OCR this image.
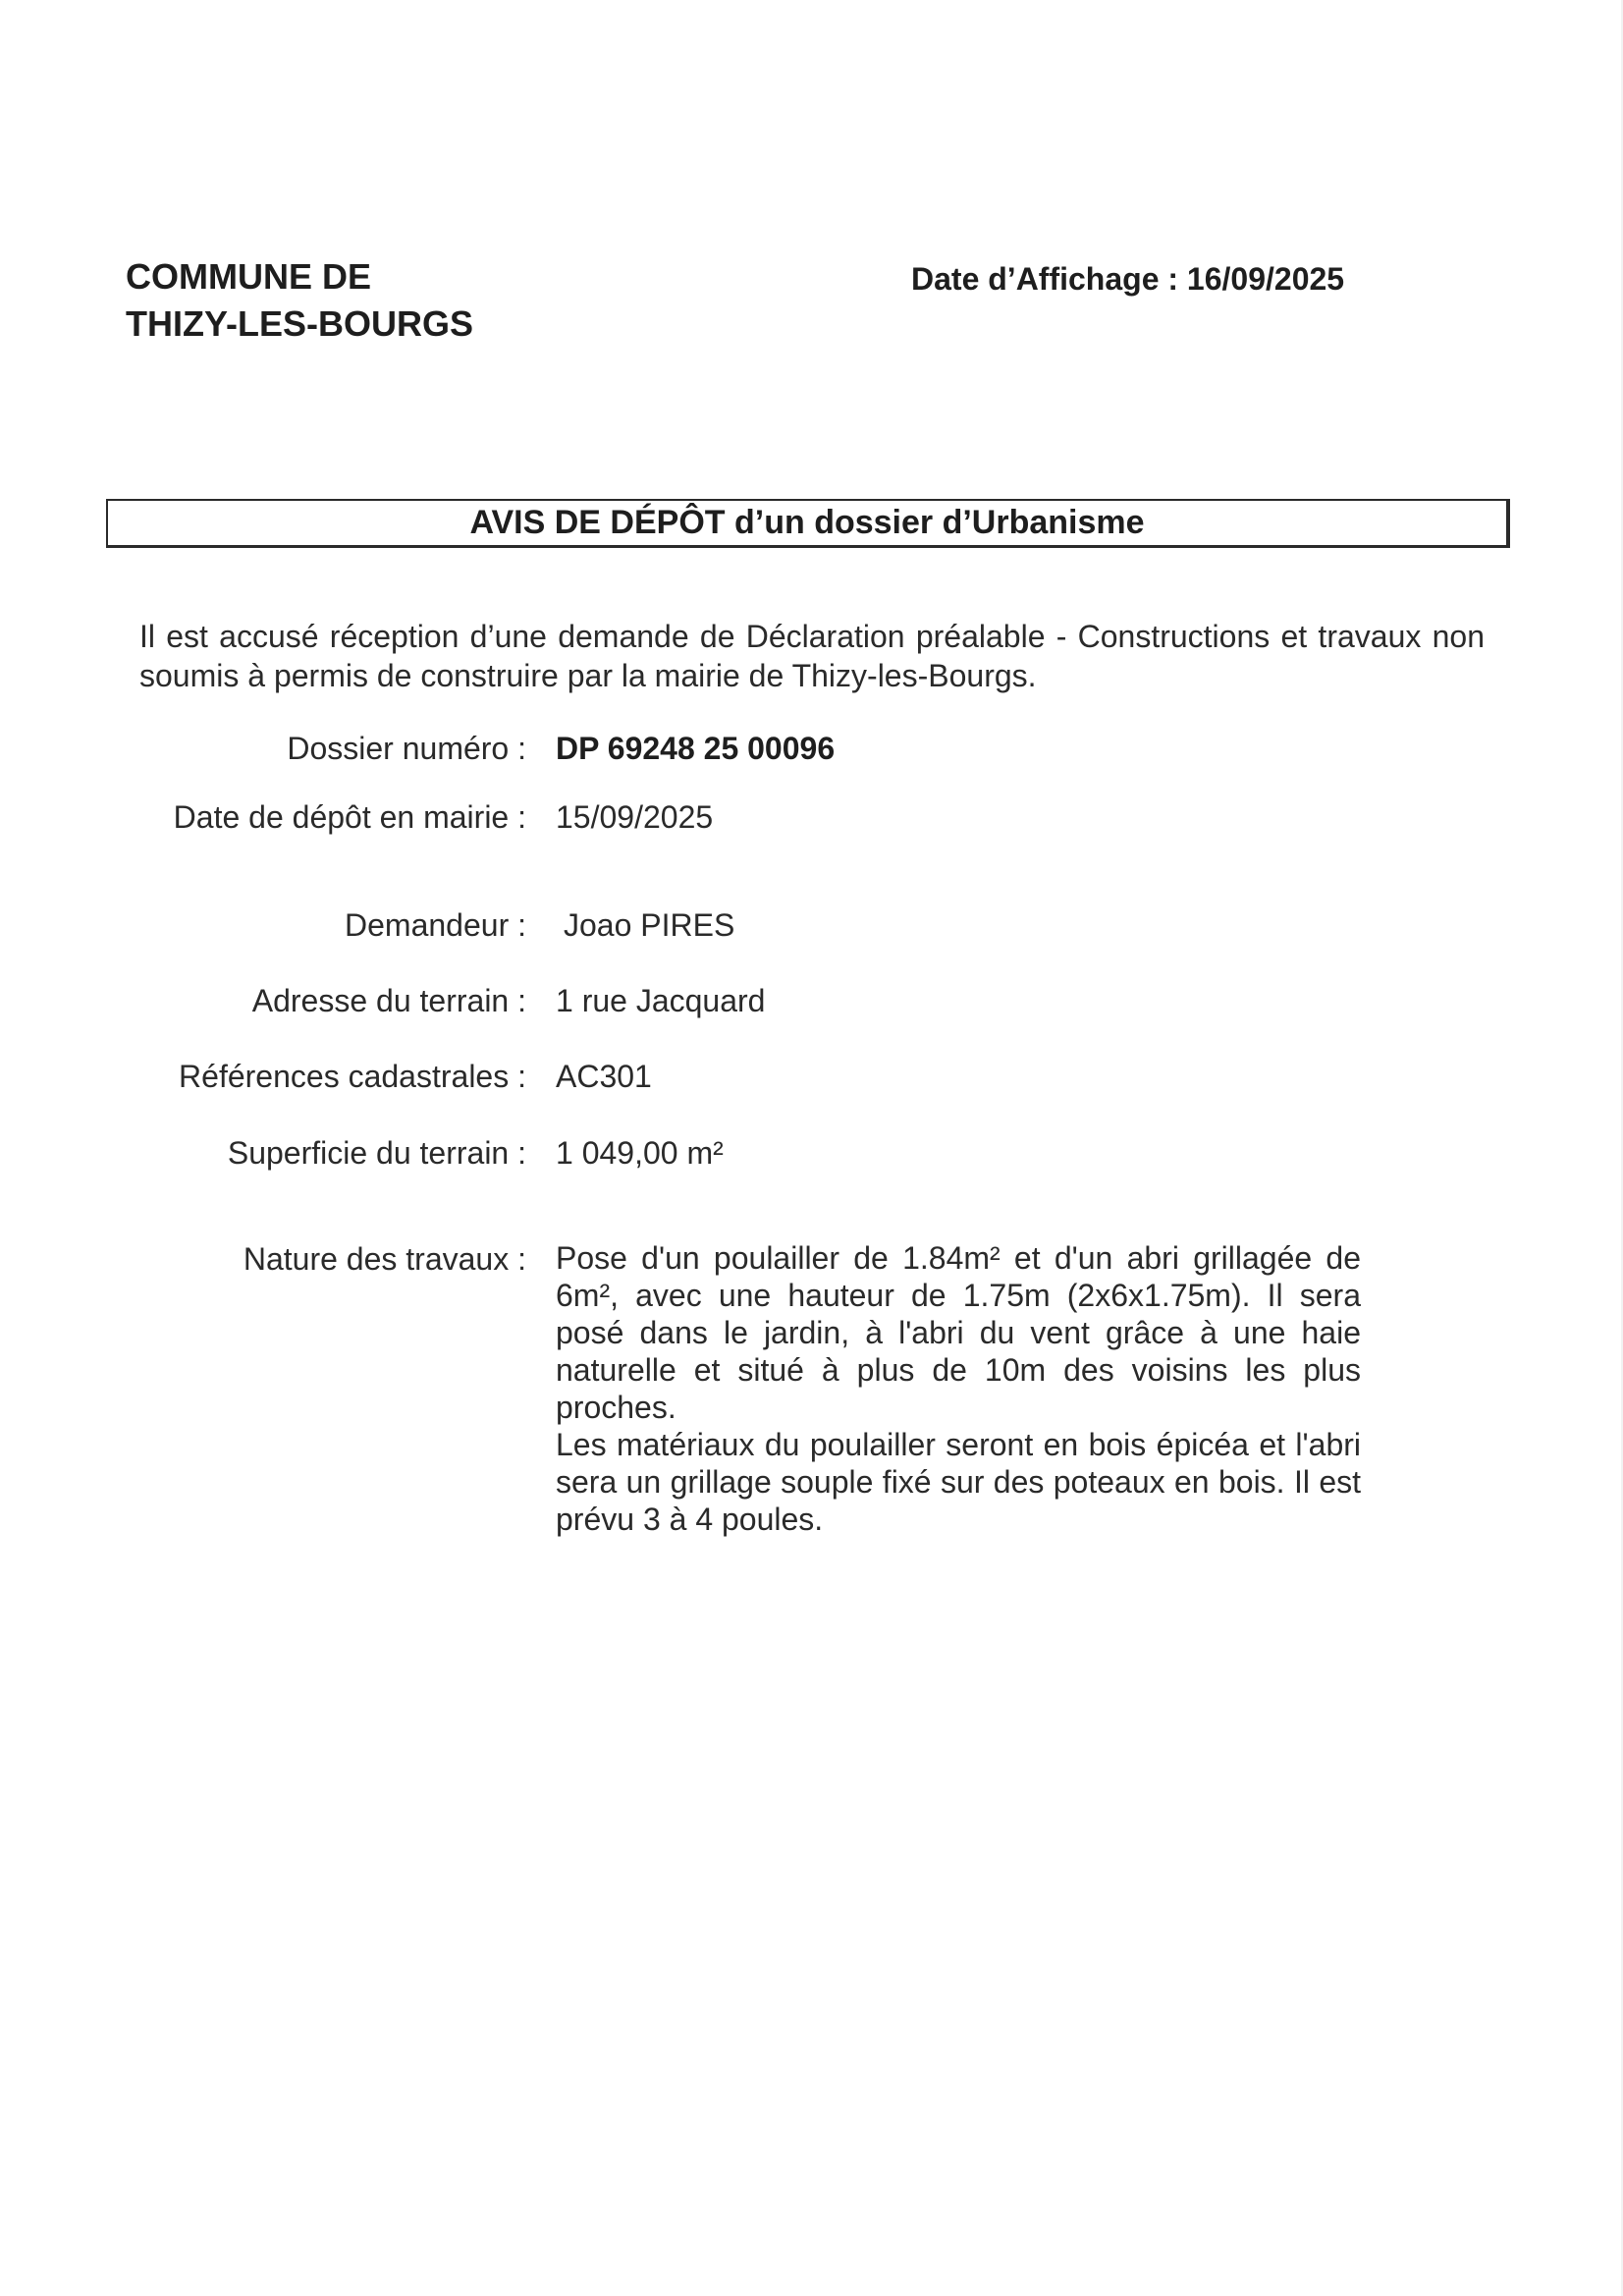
COMMUNE DE
THIZY-LES-BOURGS
Date d’Affichage : 16/09/2025
AVIS DE DÉPÔT d’un dossier d’Urbanisme
Il est accusé réception d’une demande de Déclaration préalable - Constructions et travaux non soumis à permis de construire par la mairie de Thizy-les-Bourgs.
Dossier numéro : DP 69248 25 00096
Date de dépôt en mairie : 15/09/2025
Demandeur : Joao PIRES
Adresse du terrain : 1 rue Jacquard
Références cadastrales : AC301
Superficie du terrain : 1 049,00 m²
Nature des travaux : Pose d'un poulailler de 1.84m² et d'un abri grillagée de 6m², avec une hauteur de 1.75m (2x6x1.75m). Il sera posé dans le jardin, à l'abri du vent grâce à une haie naturelle et situé à plus de 10m des voisins les plus proches.

Les matériaux du poulailler seront en bois épicéa et l'abri sera un grillage souple fixé sur des poteaux en bois. Il est prévu 3 à 4 poules.
